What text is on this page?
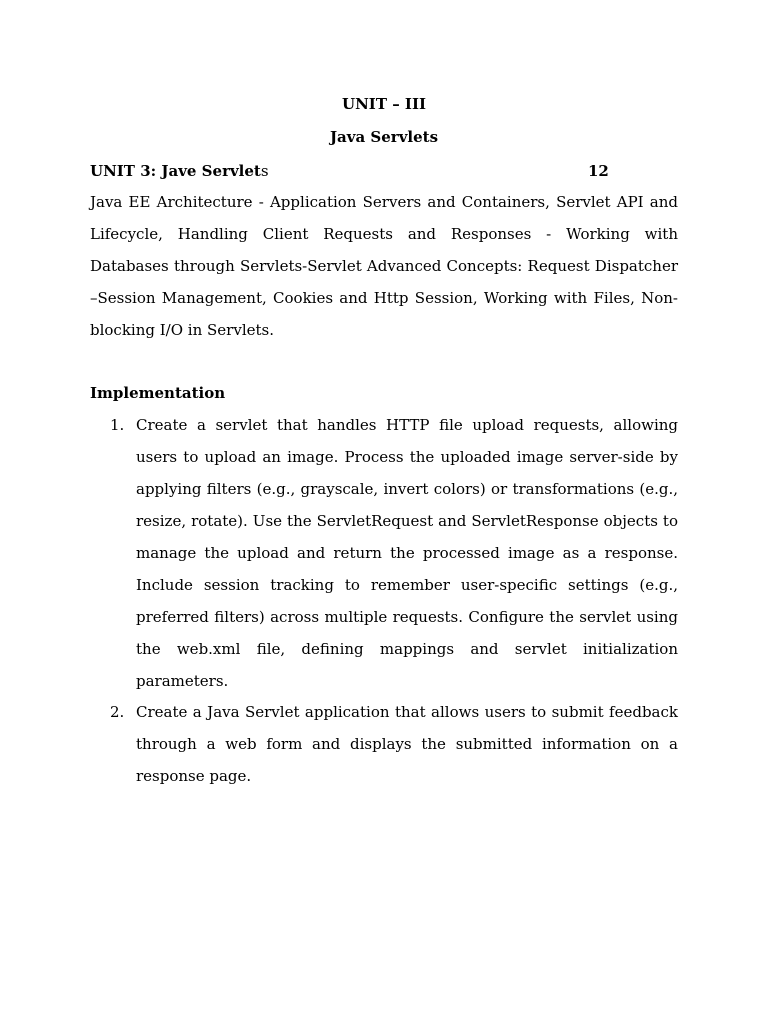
UNIT – III
Java Servlets
UNIT 3: Jave Servlets	12
Java EE Architecture - Application Servers and Containers, Servlet API and Lifecycle, Handling Client Requests and Responses - Working with Databases through Servlets-Servlet Advanced Concepts: Request Dispatcher –Session Management, Cookies and Http Session, Working with Files, Non- blocking I/O in Servlets.
Implementation
1. Create a servlet that handles HTTP file upload requests, allowing users to upload an image. Process the uploaded image server-side by applying filters (e.g., grayscale, invert colors) or transformations (e.g., resize, rotate). Use the ServletRequest and ServletResponse objects to manage the upload and return the processed image as a response. Include session tracking to remember user-specific settings (e.g., preferred filters) across multiple requests. Configure the servlet using the web.xml file, defining mappings and servlet initialization parameters.
2. Create a Java Servlet application that allows users to submit feedback through a web form and displays the submitted information on a response page.
